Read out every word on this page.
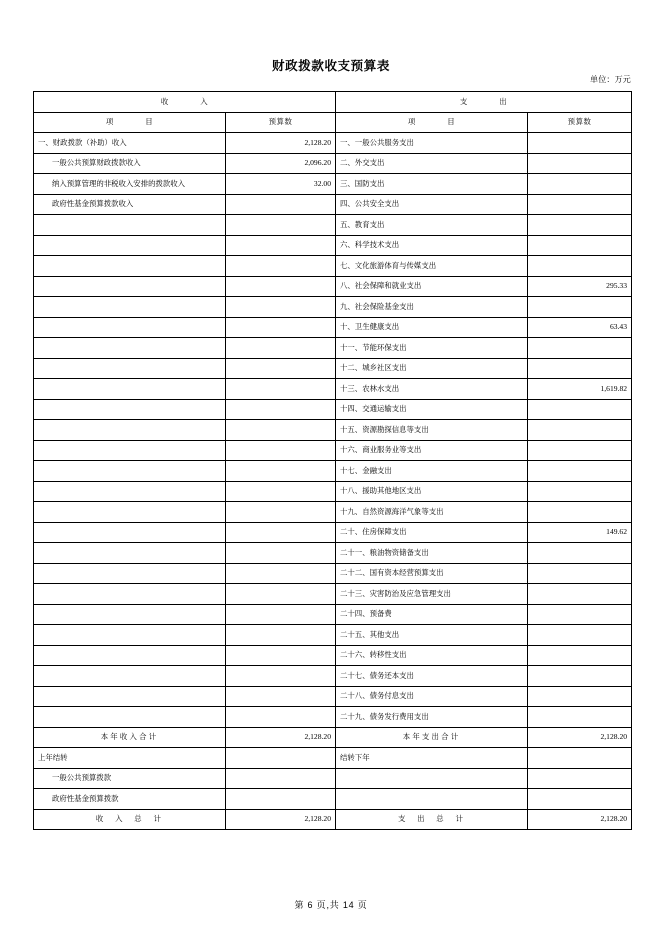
财政拨款收支预算表
单位：万元
收　　　　入		支　　　　出	
项　　　　目	预算数	项　　　　目	预算数
一、财政拨款（补助）收入	2,128.20	一、一般公共服务支出	
一般公共预算财政拨款收入	2,096.20	二、外交支出	
纳入预算管理的非税收入安排的拨款收入	32.00	三、国防支出	
政府性基金预算拨款收入		四、公共安全支出	
		五、教育支出	
		六、科学技术支出	
		七、文化旅游体育与传媒支出	
		八、社会保障和就业支出	295.33
		九、社会保险基金支出	
		十、卫生健康支出	63.43
		十一、节能环保支出	
		十二、城乡社区支出	
		十三、农林水支出	1,619.82
		十四、交通运输支出	
		十五、资源勘探信息等支出	
		十六、商业服务业等支出	
		十七、金融支出	
		十八、援助其他地区支出	
		十九、自然资源海洋气象等支出	
		二十、住房保障支出	149.62
		二十一、粮油物资储备支出	
		二十二、国有资本经营预算支出	
		二十三、灾害防治及应急管理支出	
		二十四、预备费	
		二十五、其他支出	
		二十六、转移性支出	
		二十七、债务还本支出	
		二十八、债务付息支出	
		二十九、债务发行费用支出	
本年收入合计	2,128.20	本年支出合计	2,128.20
上年结转		结转下年	
一般公共预算拨款			
政府性基金预算拨款			
收　入　总　计	2,128.20	支　出　总　计	2,128.20
第 6 页,共 14 页
